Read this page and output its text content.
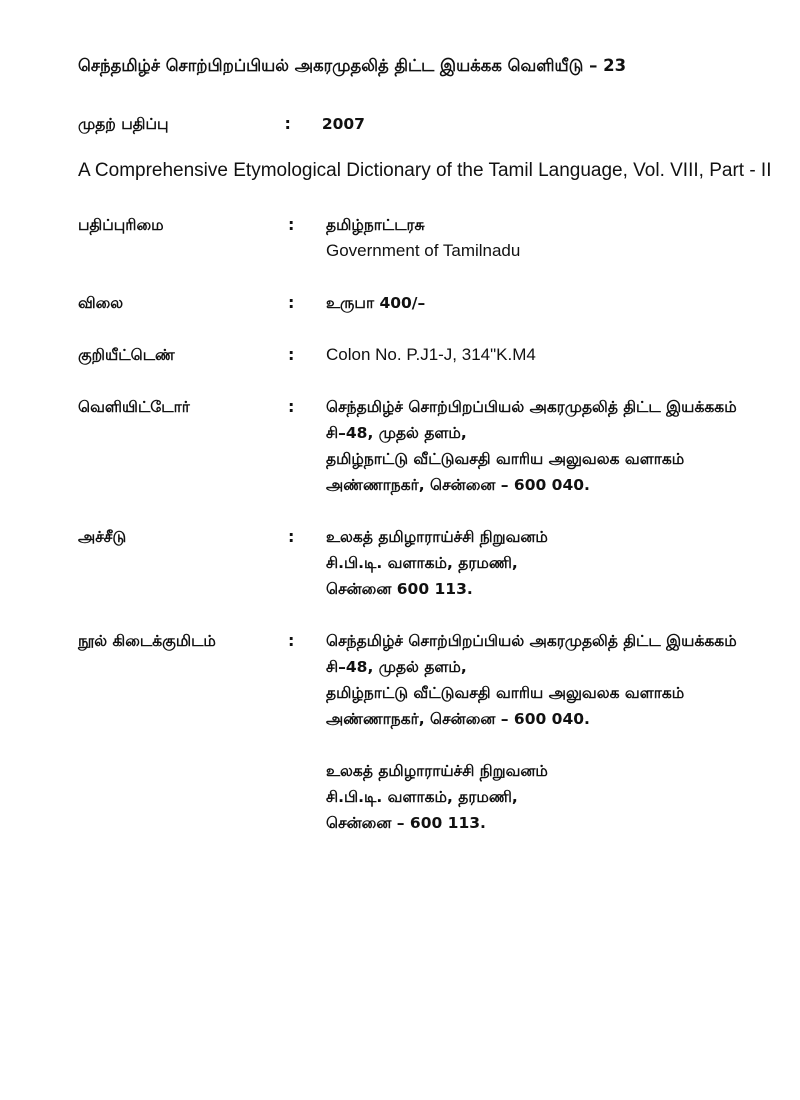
செந்தமிழ்ச் சொற்பிறப்பியல் அகரமுதலித் திட்ட இயக்கக வெளியீடு – 23
முதற் பதிப்பு	:	2007
A Comprehensive Etymological Dictionary of the Tamil Language, Vol. VIII, Part - II
பதிப்புரிமை	:	தமிழ்நாட்டரசு
Government of Tamilnadu
விலை	:	உருபா 400/–
குறியீட்டெண்	:	Colon No. P.J1-J, 314"K.M4
வெளியிட்டோர்	:	செந்தமிழ்ச் சொற்பிறப்பியல் அகரமுதலித் திட்ட இயக்ககம்
சி–48, முதல் தளம்,
தமிழ்நாட்டு வீட்டுவசதி வாரிய அலுவலக வளாகம்
அண்ணாநகர், சென்னை – 600 040.
அச்சீடு	:	உலகத் தமிழாராய்ச்சி நிறுவனம்
சி.பி.டி. வளாகம், தரமணி,
சென்னை 600 113.
நூல் கிடைக்குமிடம்	:	செந்தமிழ்ச் சொற்பிறப்பியல் அகரமுதலித் திட்ட இயக்ககம்
சி–48, முதல் தளம்,
தமிழ்நாட்டு வீட்டுவசதி வாரிய அலுவலக வளாகம்
அண்ணாநகர், சென்னை – 600 040.
உலகத் தமிழாராய்ச்சி நிறுவனம்
சி.பி.டி. வளாகம், தரமணி,
சென்னை – 600 113.
